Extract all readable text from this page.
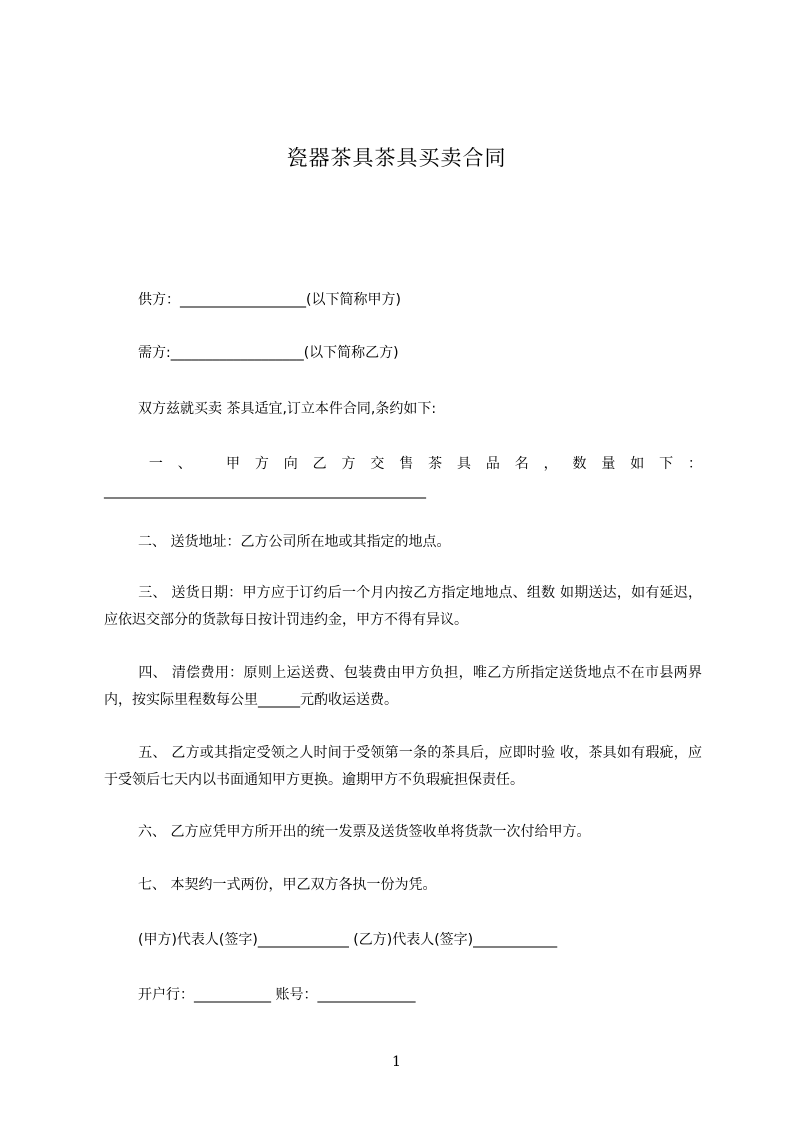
瓷器茶具茶具买卖合同
供方：__________________(以下简称甲方)
需方:___________________(以下简称乙方)
双方兹就买卖 茶具适宜,订立本件合同,条约如下:
一、 甲方向乙方交售茶具品名，数量如下：______________________________________________
二、 送货地址：乙方公司所在地或其指定的地点。
三、 送货日期：甲方应于订约后一个月内按乙方指定地地点、组数 如期送达，如有延迟，应依迟交部分的货款每日按计罚违约金，甲方不得有异议。
四、 清偿费用：原则上运送费、包装费由甲方负担，唯乙方所指定送货地点不在市县两界内，按实际里程数每公里______元酌收运送费。
五、 乙方或其指定受领之人时间于受领第一条的茶具后，应即时验 收，茶具如有瑕疵，应于受领后七天内以书面通知甲方更换。逾期甲方不负瑕疵担保责任。
六、 乙方应凭甲方所开出的统一发票及送货签收单将货款一次付给甲方。
七、 本契约一式两份，甲乙双方各执一份为凭。
(甲方)代表人(签字)_____________ (乙方)代表人(签字)____________
开户行：___________ 账号：______________
1
